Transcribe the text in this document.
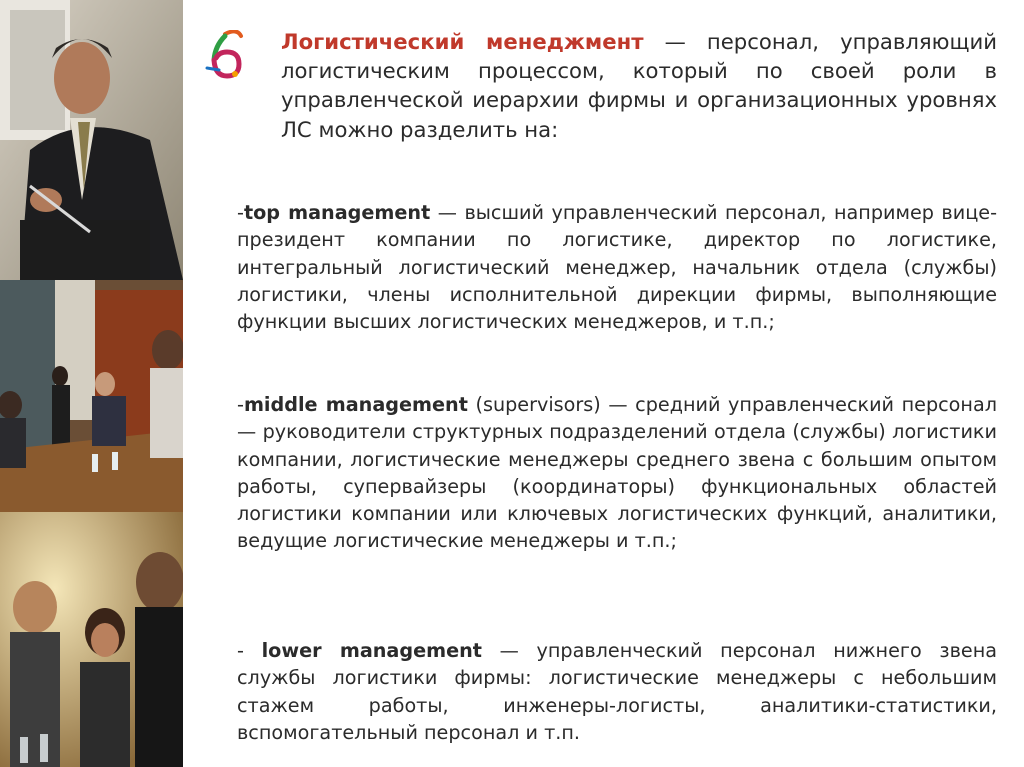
Логистический менеджмент — персонал, управляющий логистическим процессом, который по своей роли в управленческой иерархии фирмы и организационных уровнях ЛС можно разделить на:

-top management — высший управленческий персонал, например вице-президент компании по логистике, директор по логистике, интегральный логистический менеджер, начальник отдела (службы) логистики, члены исполнительной дирекции фирмы, выполняющие функции высших логистических менеджеров, и т.п.;

-middle management (supervisors) — средний управленческий персонал — руководители структурных подразделений отдела (службы) логистики компании, логистические менеджеры среднего звена с большим опытом работы, супервайзеры (координаторы) функциональных областей логистики компании или ключевых логистических функций, аналитики, ведущие логистические менеджеры и т.п.;

- lower management — управленческий персонал нижнего звена службы логистики фирмы: логистические менеджеры с небольшим стажем работы, инженеры-логисты, аналитики-статистики, вспомогательный персонал и т.п.
